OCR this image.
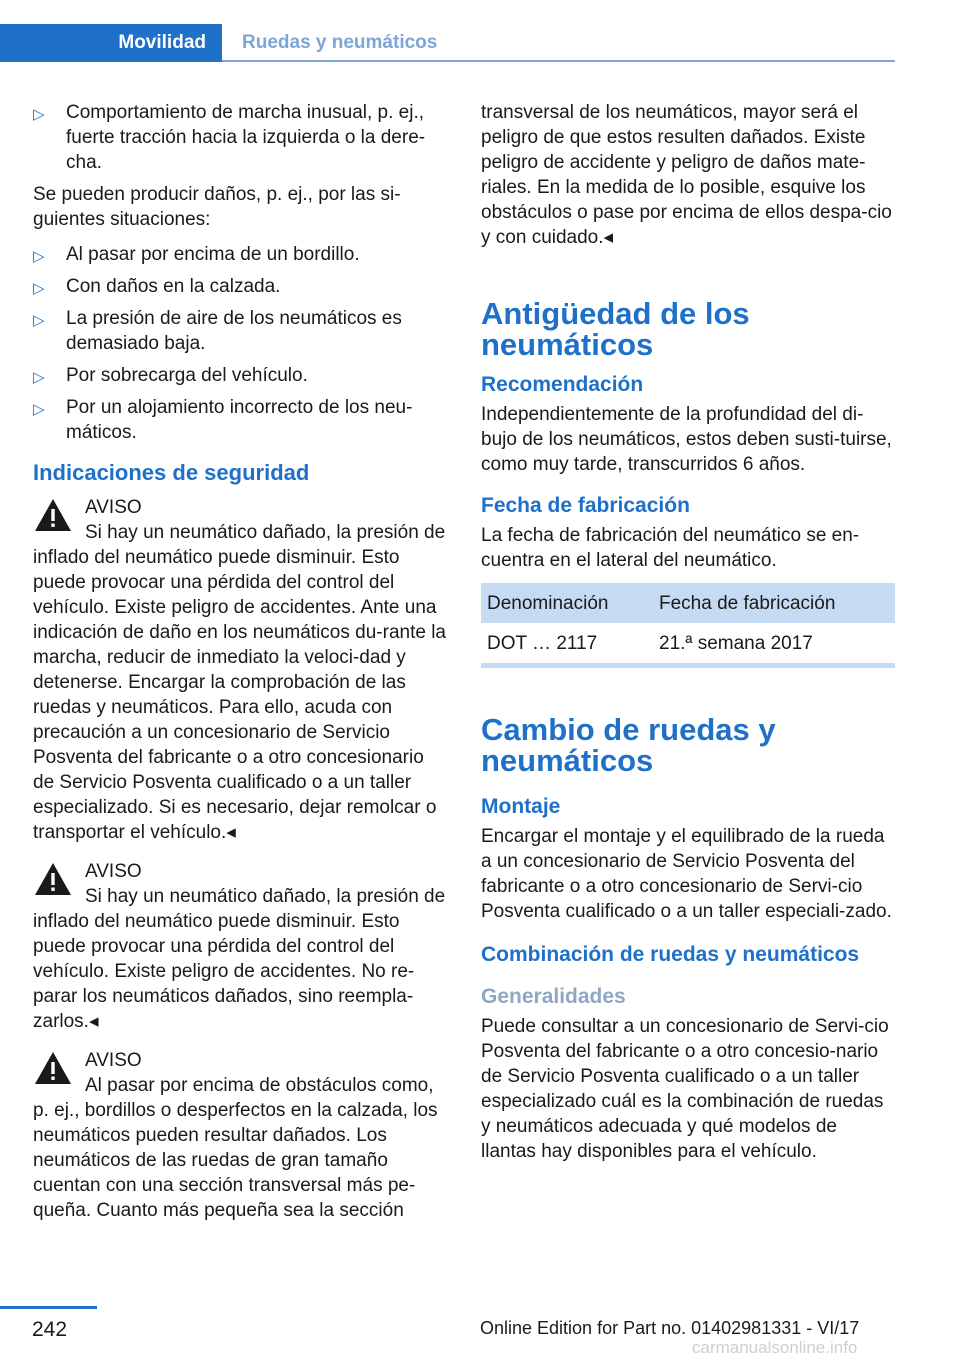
Movilidad	Ruedas y neumáticos
▷ Comportamiento de marcha inusual, p. ej., fuerte tracción hacia la izquierda o la dere‐cha.

Se pueden producir daños, p. ej., por las si‐guientes situaciones:

▷ Al pasar por encima de un bordillo.
▷ Con daños en la calzada.
▷ La presión de aire de los neumáticos es demasiado baja.
▷ Por sobrecarga del vehículo.
▷ Por un alojamiento incorrecto de los neu‐máticos.
Indicaciones de seguridad
AVISO
Si hay un neumático dañado, la presión de inflado del neumático puede disminuir. Esto puede provocar una pérdida del control del vehículo. Existe peligro de accidentes. Ante una indicación de daño en los neumáticos du‐rante la marcha, reducir de inmediato la veloci‐dad y detenerse. Encargar la comprobación de las ruedas y neumáticos. Para ello, acuda con precaución a un concesionario de Servicio Posventa del fabricante o a otro concesionario de Servicio Posventa cualificado o a un taller especializado. Si es necesario, dejar remolcar o transportar el vehículo.◂
AVISO
Si hay un neumático dañado, la presión de inflado del neumático puede disminuir. Esto puede provocar una pérdida del control del vehículo. Existe peligro de accidentes. No re‐parar los neumáticos dañados, sino reempla‐zarlos.◂
AVISO
Al pasar por encima de obstáculos como, p. ej., bordillos o desperfectos en la calzada, los neumáticos pueden resultar dañados. Los neumáticos de las ruedas de gran tamaño cuentan con una sección transversal más pe‐queña. Cuanto más pequeña sea la sección

transversal de los neumáticos, mayor será el peligro de que estos resulten dañados. Existe peligro de accidente y peligro de daños mate‐riales. En la medida de lo posible, esquive los obstáculos o pase por encima de ellos despa‐cio y con cuidado.◂

Antigüedad de los neumáticos
Recomendación

Independientemente de la profundidad del di‐bujo de los neumáticos, estos deben susti‐tuirse, como muy tarde, transcurridos 6 años.

Fecha de fabricación

La fecha de fabricación del neumático se en‐cuentra en el lateral del neumático.

Denominación	Fecha de fabricación
DOT … 2117	21.ª semana 2017
Cambio de ruedas y neumáticos
Montaje

Encargar el montaje y el equilibrado de la rueda a un concesionario de Servicio Posventa del fabricante o a otro concesionario de Servi‐cio Posventa cualificado o a un taller especiali‐zado.

Combinación de ruedas y neumáticos
Generalidades

Puede consultar a un concesionario de Servi‐cio Posventa del fabricante o a otro concesio‐nario de Servicio Posventa cualificado o a un taller especializado cuál es la combinación de ruedas y neumáticos adecuada y qué modelos de llantas hay disponibles para el vehículo.

242	Online Edition for Part no. 01402981331 - VI/17
carmanualsonline.info
